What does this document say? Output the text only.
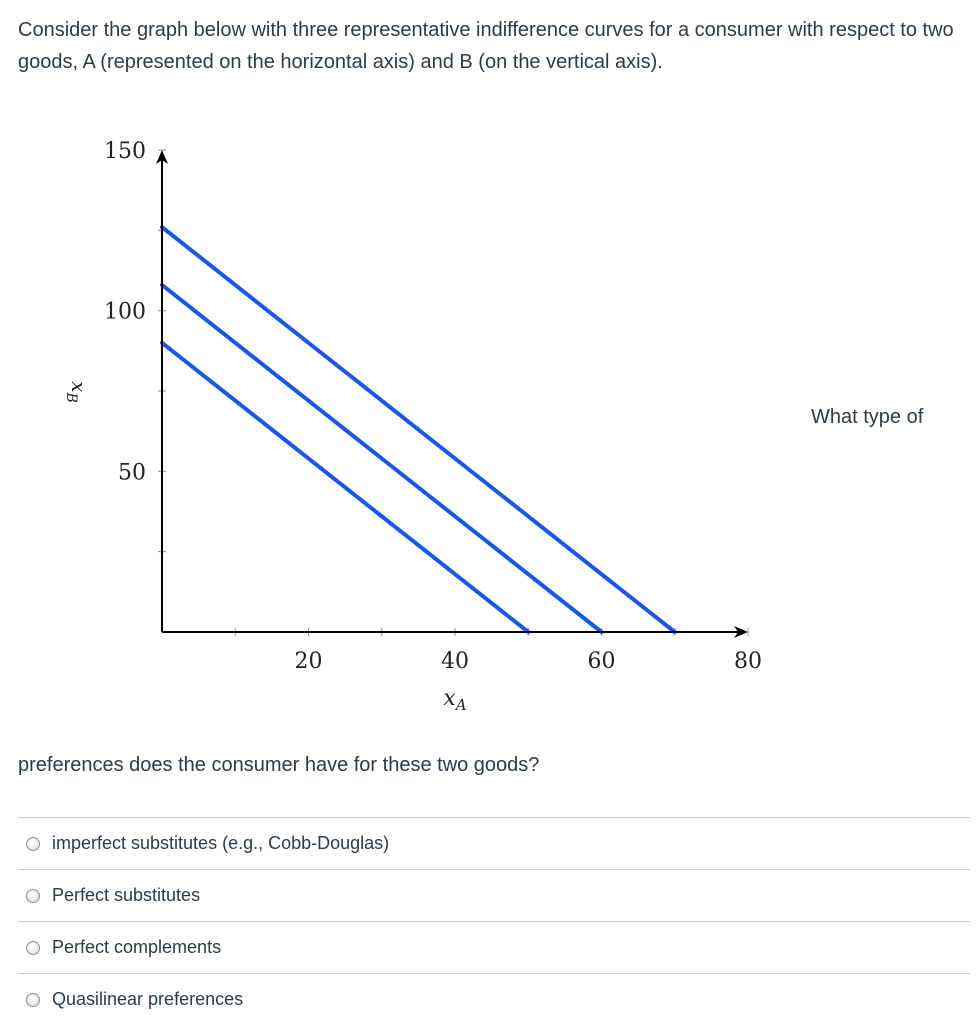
Consider the graph below with three representative indifference curves for a consumer with respect to two goods, A (represented on the horizontal axis) and B (on the vertical axis).

20	40	60	80
50
100
150
$x_A$
$x_B$
What type of
preferences does the consumer have for these two goods?
imperfect substitutes (e.g., Cobb-Douglas)
Perfect substitutes
Perfect complements
Quasilinear preferences
